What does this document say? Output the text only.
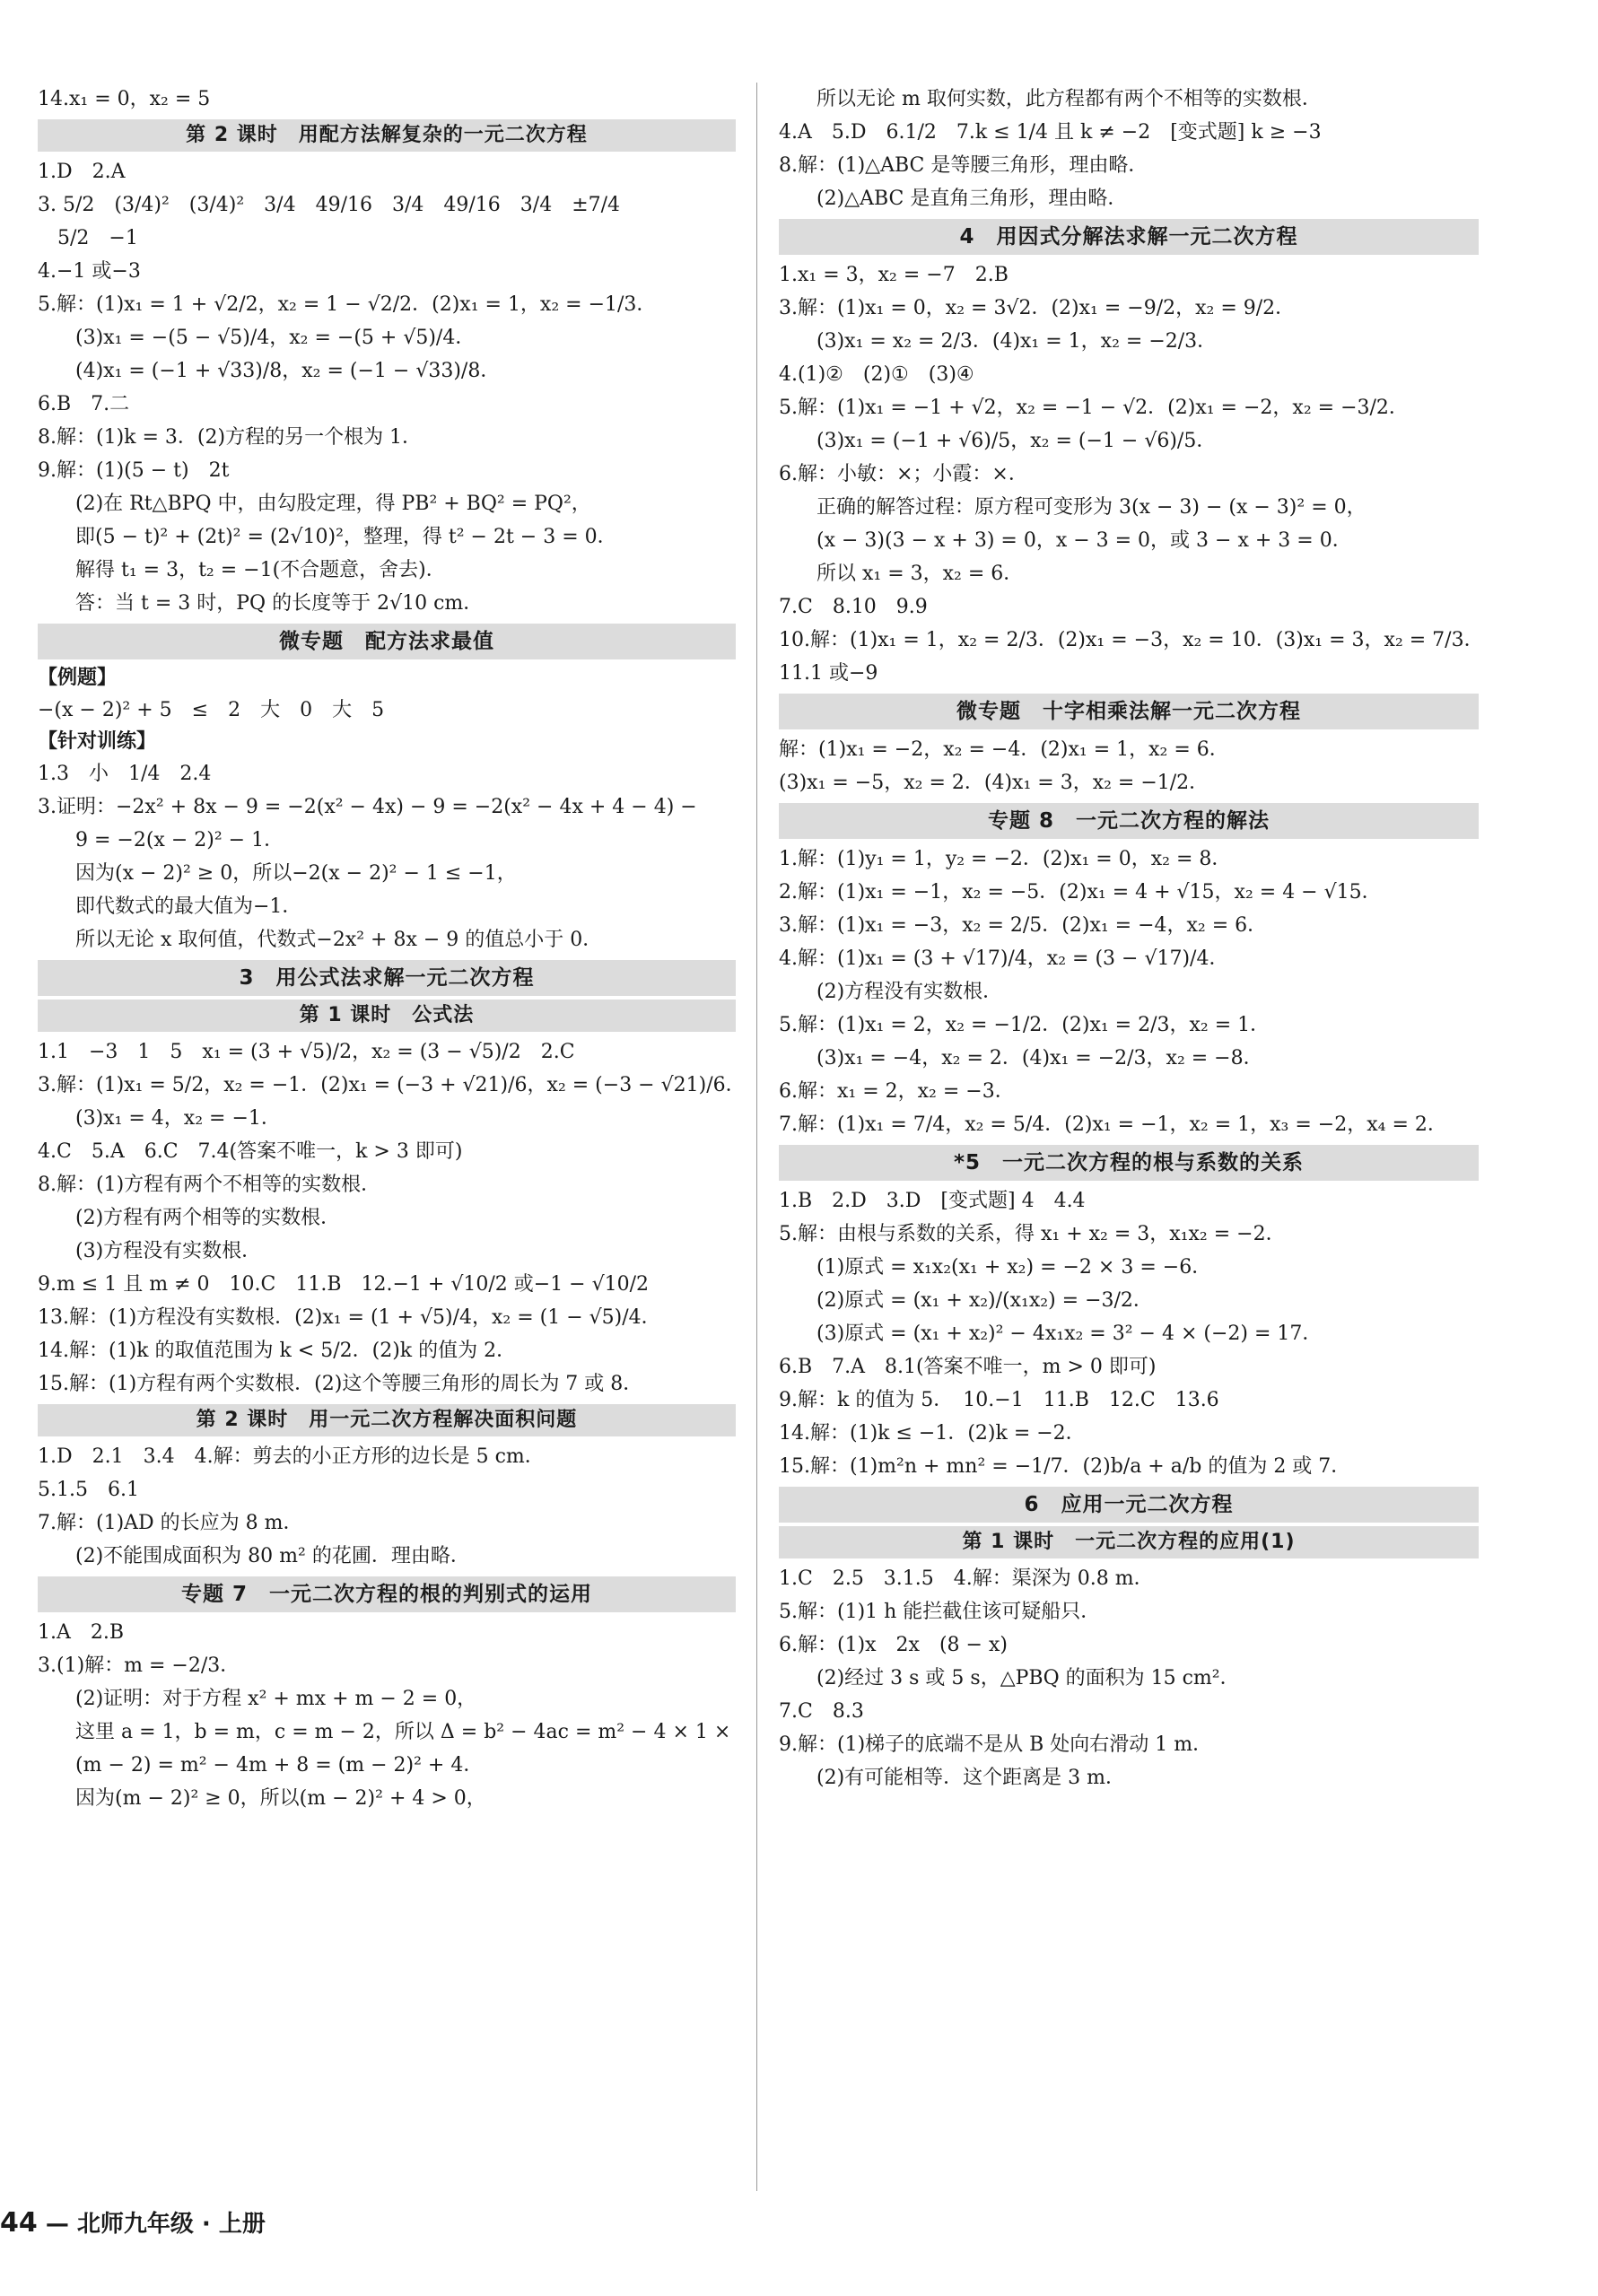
14.x₁ = 0，x₂ = 5
第 2 课时　用配方法解复杂的一元二次方程
1.D　2.A
3. 5/2　(3/4)²　(3/4)²　3/4　49/16　3/4　49/16　3/4　±7/4
　5/2　−1
4.−1 或−3
5.解：(1)x₁ = 1 + √2/2，x₂ = 1 − √2/2．(2)x₁ = 1，x₂ = −1/3．
(3)x₁ = −(5 − √5)/4，x₂ = −(5 + √5)/4．
(4)x₁ = (−1 + √33)/8，x₂ = (−1 − √33)/8．
6.B　7.二
8.解：(1)k = 3．(2)方程的另一个根为 1．
9.解：(1)(5 − t)　2t
(2)在 Rt△BPQ 中，由勾股定理，得 PB² + BQ² = PQ²，
即(5 − t)² + (2t)² = (2√10)²，整理，得 t² − 2t − 3 = 0．
解得 t₁ = 3，t₂ = −1(不合题意，舍去)．
答：当 t = 3 时，PQ 的长度等于 2√10 cm．
微专题　配方法求最值
【例题】
−(x − 2)² + 5　≤　2　大　0　大　5
【针对训练】
1.3　小　1/4　2.4
3.证明：−2x² + 8x − 9 = −2(x² − 4x) − 9 = −2(x² − 4x + 4 − 4) −
9 = −2(x − 2)² − 1．
因为(x − 2)² ≥ 0，所以−2(x − 2)² − 1 ≤ −1，
即代数式的最大值为−1．
所以无论 x 取何值，代数式−2x² + 8x − 9 的值总小于 0．
3　用公式法求解一元二次方程
第 1 课时　公式法
1.1　−3　1　5　x₁ = (3 + √5)/2，x₂ = (3 − √5)/2　2.C
3.解：(1)x₁ = 5/2，x₂ = −1．(2)x₁ = (−3 + √21)/6，x₂ = (−3 − √21)/6．
(3)x₁ = 4，x₂ = −1．
4.C　5.A　6.C　7.4(答案不唯一，k > 3 即可)
8.解：(1)方程有两个不相等的实数根．
(2)方程有两个相等的实数根．
(3)方程没有实数根．
9.m ≤ 1 且 m ≠ 0　10.C　11.B　12.−1 + √10/2 或−1 − √10/2
13.解：(1)方程没有实数根．(2)x₁ = (1 + √5)/4，x₂ = (1 − √5)/4．
14.解：(1)k 的取值范围为 k < 5/2．(2)k 的值为 2．
15.解：(1)方程有两个实数根．(2)这个等腰三角形的周长为 7 或 8．
第 2 课时　用一元二次方程解决面积问题
1.D　2.1　3.4　4.解：剪去的小正方形的边长是 5 cm．
5.1.5　6.1
7.解：(1)AD 的长应为 8 m．
(2)不能围成面积为 80 m² 的花圃．理由略．
专题 7　一元二次方程的根的判别式的运用
1.A　2.B
3.(1)解：m = −2/3．
(2)证明：对于方程 x² + mx + m − 2 = 0，
这里 a = 1，b = m，c = m − 2，所以 Δ = b² − 4ac = m² − 4 × 1 ×
(m − 2) = m² − 4m + 8 = (m − 2)² + 4．
因为(m − 2)² ≥ 0，所以(m − 2)² + 4 > 0，
所以无论 m 取何实数，此方程都有两个不相等的实数根．
4.A　5.D　6.1/2　7.k ≤ 1/4 且 k ≠ −2　[变式题] k ≥ −3
8.解：(1)△ABC 是等腰三角形，理由略．
(2)△ABC 是直角三角形，理由略．
4　用因式分解法求解一元二次方程
1.x₁ = 3，x₂ = −7　2.B
3.解：(1)x₁ = 0，x₂ = 3√2．(2)x₁ = −9/2，x₂ = 9/2．
(3)x₁ = x₂ = 2/3．(4)x₁ = 1，x₂ = −2/3．
4.(1)②　(2)①　(3)④
5.解：(1)x₁ = −1 + √2，x₂ = −1 − √2．(2)x₁ = −2，x₂ = −3/2．
(3)x₁ = (−1 + √6)/5，x₂ = (−1 − √6)/5．
6.解：小敏：×；小霞：×．
正确的解答过程：原方程可变形为 3(x − 3) − (x − 3)² = 0，
(x − 3)(3 − x + 3) = 0，x − 3 = 0，或 3 − x + 3 = 0．
所以 x₁ = 3，x₂ = 6．
7.C　8.10　9.9
10.解：(1)x₁ = 1，x₂ = 2/3．(2)x₁ = −3，x₂ = 10．(3)x₁ = 3，x₂ = 7/3．
11.1 或−9
微专题　十字相乘法解一元二次方程
解：(1)x₁ = −2，x₂ = −4．(2)x₁ = 1，x₂ = 6．
(3)x₁ = −5，x₂ = 2．(4)x₁ = 3，x₂ = −1/2．
专题 8　一元二次方程的解法
1.解：(1)y₁ = 1，y₂ = −2．(2)x₁ = 0，x₂ = 8．
2.解：(1)x₁ = −1，x₂ = −5．(2)x₁ = 4 + √15，x₂ = 4 − √15．
3.解：(1)x₁ = −3，x₂ = 2/5．(2)x₁ = −4，x₂ = 6．
4.解：(1)x₁ = (3 + √17)/4，x₂ = (3 − √17)/4．
(2)方程没有实数根．
5.解：(1)x₁ = 2，x₂ = −1/2．(2)x₁ = 2/3，x₂ = 1．
(3)x₁ = −4，x₂ = 2．(4)x₁ = −2/3，x₂ = −8．
6.解：x₁ = 2，x₂ = −3．
7.解：(1)x₁ = 7/4，x₂ = 5/4．(2)x₁ = −1，x₂ = 1，x₃ = −2，x₄ = 2．
*5　一元二次方程的根与系数的关系
1.B　2.D　3.D　[变式题] 4　4.4
5.解：由根与系数的关系，得 x₁ + x₂ = 3，x₁x₂ = −2．
(1)原式 = x₁x₂(x₁ + x₂) = −2 × 3 = −6．
(2)原式 = (x₁ + x₂)/(x₁x₂) = −3/2．
(3)原式 = (x₁ + x₂)² − 4x₁x₂ = 3² − 4 × (−2) = 17．
6.B　7.A　8.1(答案不唯一，m > 0 即可)
9.解：k 的值为 5．　10.−1　11.B　12.C　13.6
14.解：(1)k ≤ −1．(2)k = −2．
15.解：(1)m²n + mn² = −1/7．(2)b/a + a/b 的值为 2 或 7．
6　应用一元二次方程
第 1 课时　一元二次方程的应用(1)
1.C　2.5　3.1.5　4.解：渠深为 0.8 m．
5.解：(1)1 h 能拦截住该可疑船只．
6.解：(1)x　2x　(8 − x)
(2)经过 3 s 或 5 s，△PBQ 的面积为 15 cm²．
7.C　8.3
9.解：(1)梯子的底端不是从 B 处向右滑动 1 m．
(2)有可能相等．这个距离是 3 m．
44 — 北师九年级 · 上册
